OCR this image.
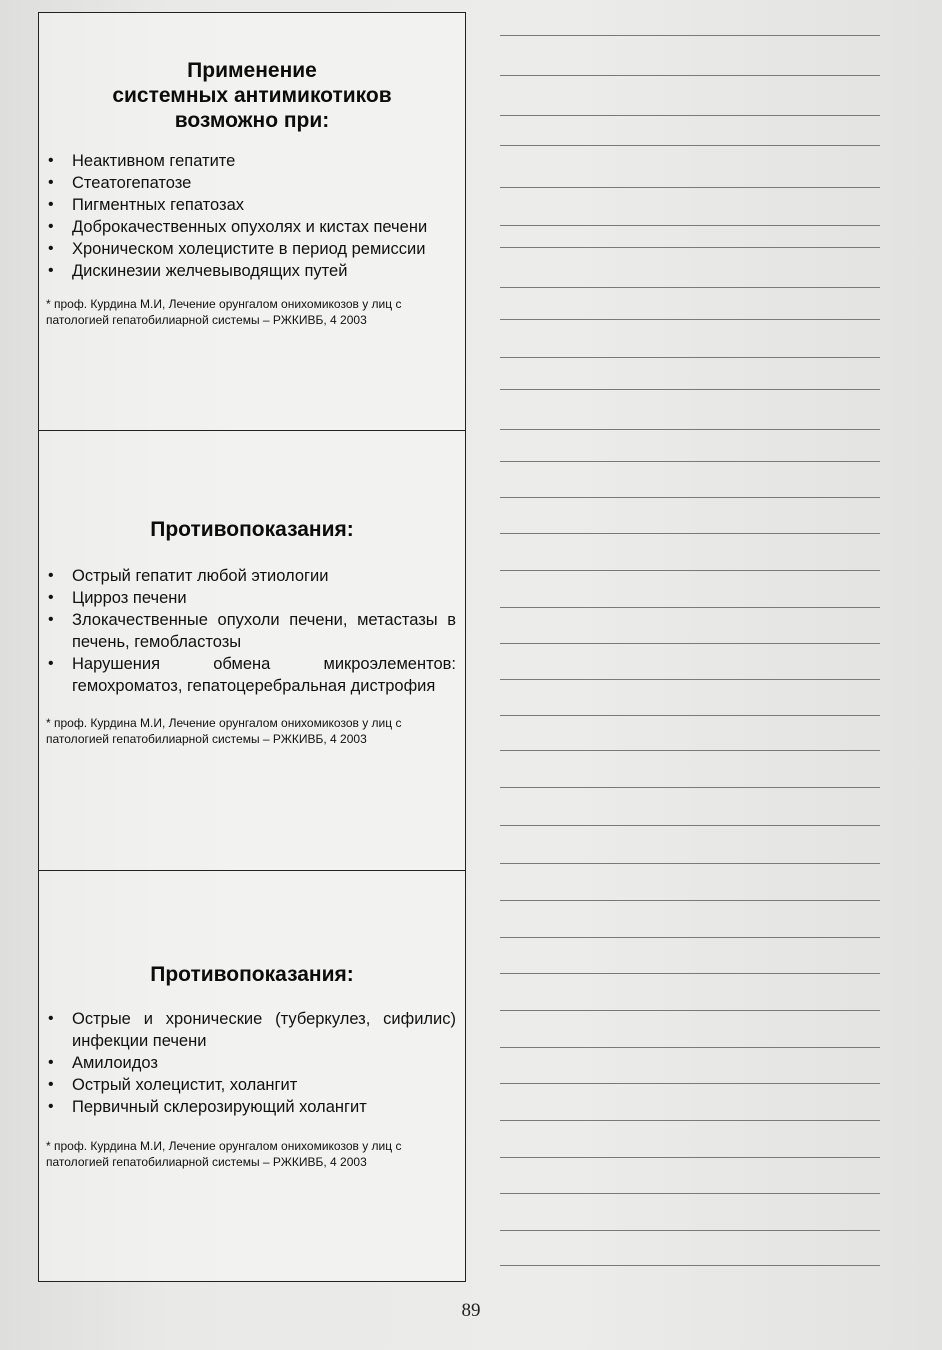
Применение
системных антимикотиков
возможно при:
• Неактивном гепатите
• Стеатогепатозе
• Пигментных гепатозах
• Доброкачественных опухолях и кистах печени
• Хроническом холецистите в период ремиссии
• Дискинезии желчевыводящих путей
* проф. Курдина М.И, Лечение орунгалом онихомикозов у лиц с патологией гепатобилиарной системы – РЖКИВБ, 4 2003
Противопоказания:
• Острый гепатит любой этиологии
• Цирроз печени
• Злокачественные опухоли печени, метастазы в печень, гемобластозы
• Нарушения обмена микроэлементов: гемохроматоз, гепатоцеребральная дистрофия
* проф. Курдина М.И, Лечение орунгалом онихомикозов у лиц с патологией гепатобилиарной системы – РЖКИВБ, 4 2003
Противопоказания:
• Острые и хронические (туберкулез, сифилис) инфекции печени
• Амилоидоз
• Острый холецистит, холангит
• Первичный склерозирующий холангит
* проф. Курдина М.И, Лечение орунгалом онихомикозов у лиц с патологией гепатобилиарной системы – РЖКИВБ, 4 2003
89
